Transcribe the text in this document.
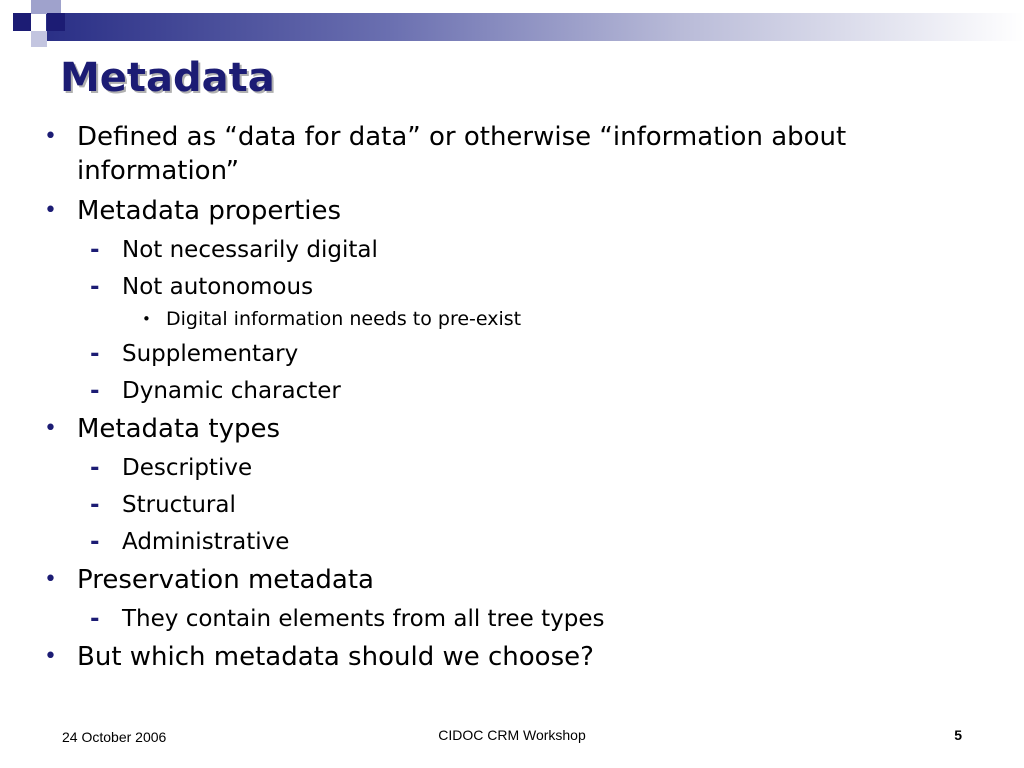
Metadata
• Defined as “data for data” or otherwise “information about information”
• Metadata properties
- Not necessarily digital
- Not autonomous
• Digital information needs to pre-exist
- Supplementary
- Dynamic character
• Metadata types
- Descriptive
- Structural
- Administrative
• Preservation metadata
- They contain elements from all tree types
• But which metadata should we choose?
24 October 2006	CIDOC CRM Workshop	5
